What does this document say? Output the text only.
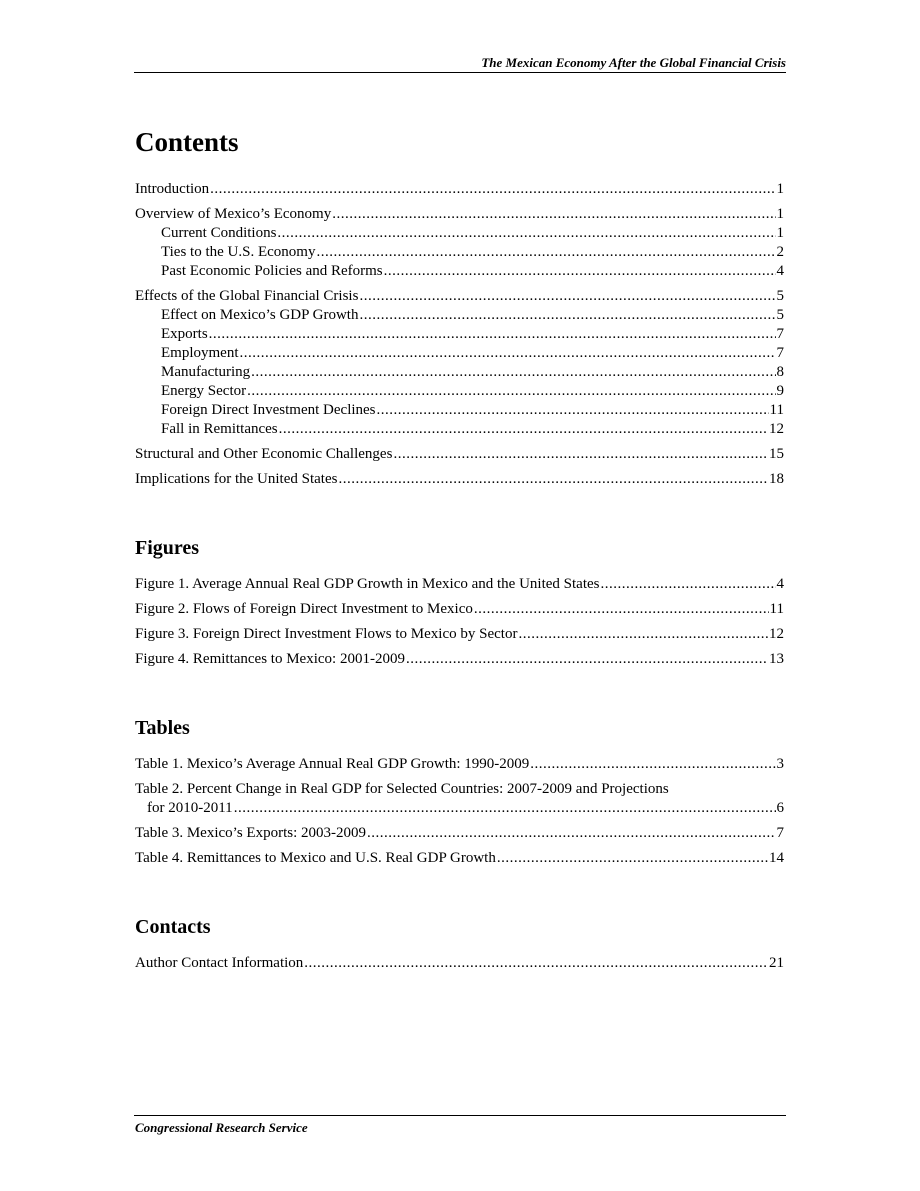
The Mexican Economy After the Global Financial Crisis
Contents
Introduction .....	1
Overview of Mexico’s Economy .....	1
Current Conditions .....	1
Ties to the U.S. Economy .....	2
Past Economic Policies and Reforms .....	4
Effects of the Global Financial Crisis .....	5
Effect on Mexico’s GDP Growth .....	5
Exports .....	7
Employment .....	7
Manufacturing .....	8
Energy Sector .....	9
Foreign Direct Investment Declines .....	11
Fall in Remittances .....	12
Structural and Other Economic Challenges .....	15
Implications for the United States .....	18
Figures
Figure 1. Average Annual Real GDP Growth in Mexico and the United States .....	4
Figure 2. Flows of Foreign Direct Investment to Mexico .....	11
Figure 3. Foreign Direct Investment Flows to Mexico by Sector .....	12
Figure 4. Remittances to Mexico: 2001-2009 .....	13
Tables
Table 1. Mexico’s Average Annual Real GDP Growth: 1990-2009 .....	3
Table 2. Percent Change in Real GDP for Selected Countries: 2007-2009 and Projections
for 2010-2011 .....	6
Table 3. Mexico’s Exports: 2003-2009 .....	7
Table 4. Remittances to Mexico and U.S. Real GDP Growth .....	14
Contacts
Author Contact Information .....	21
Congressional Research Service
